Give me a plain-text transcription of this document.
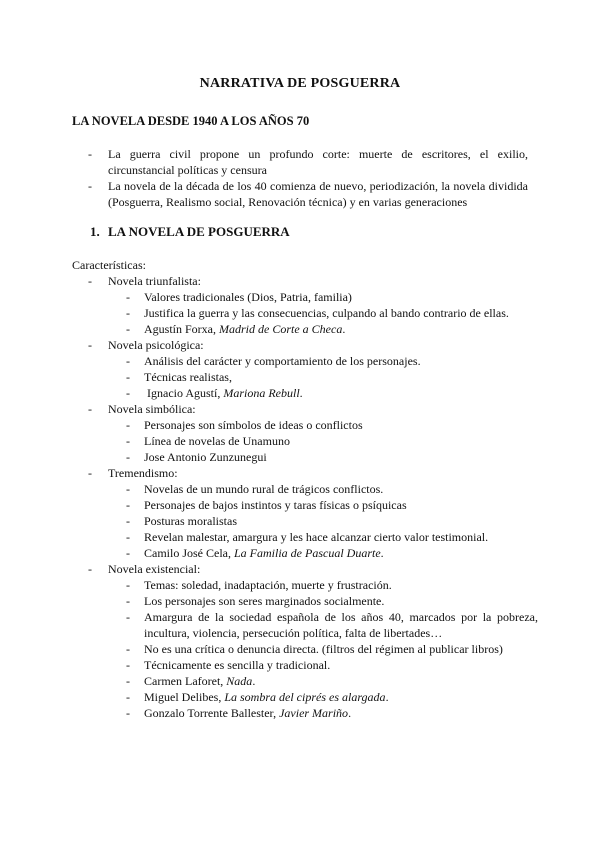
NARRATIVA DE POSGUERRA
LA NOVELA DESDE 1940 A LOS AÑOS 70
- La guerra civil propone un profundo corte: muerte de escritores, el exilio, circunstancial políticas y censura
- La novela de la década de los 40 comienza de nuevo, periodización, la novela dividida (Posguerra, Realismo social, Renovación técnica) y en varias generaciones
1. LA NOVELA DE POSGUERRA
Características:
- Novela triunfalista:
- Valores tradicionales (Dios, Patria, familia)
- Justifica la guerra y las consecuencias, culpando al bando contrario de ellas.
- Agustín Forxa, Madrid de Corte a Checa.
- Novela psicológica:
- Análisis del carácter y comportamiento de los personajes.
- Técnicas realistas,
- Ignacio Agustí, Mariona Rebull.
- Novela simbólica:
- Personajes son símbolos de ideas o conflictos
- Línea de novelas de Unamuno
- Jose Antonio Zunzunegui
- Tremendismo:
- Novelas de un mundo rural de trágicos conflictos.
- Personajes de bajos instintos y taras físicas o psíquicas
- Posturas moralistas
- Revelan malestar, amargura y les hace alcanzar cierto valor testimonial.
- Camilo José Cela, La Familia de Pascual Duarte.
- Novela existencial:
- Temas: soledad, inadaptación, muerte y frustración.
- Los personajes son seres marginados socialmente.
- Amargura de la sociedad española de los años 40, marcados por la pobreza, incultura, violencia, persecución política, falta de libertades…
- No es una crítica o denuncia directa. (filtros del régimen al publicar libros)
- Técnicamente es sencilla y tradicional.
- Carmen Laforet, Nada.
- Miguel Delibes, La sombra del ciprés es alargada.
- Gonzalo Torrente Ballester, Javier Mariño.
